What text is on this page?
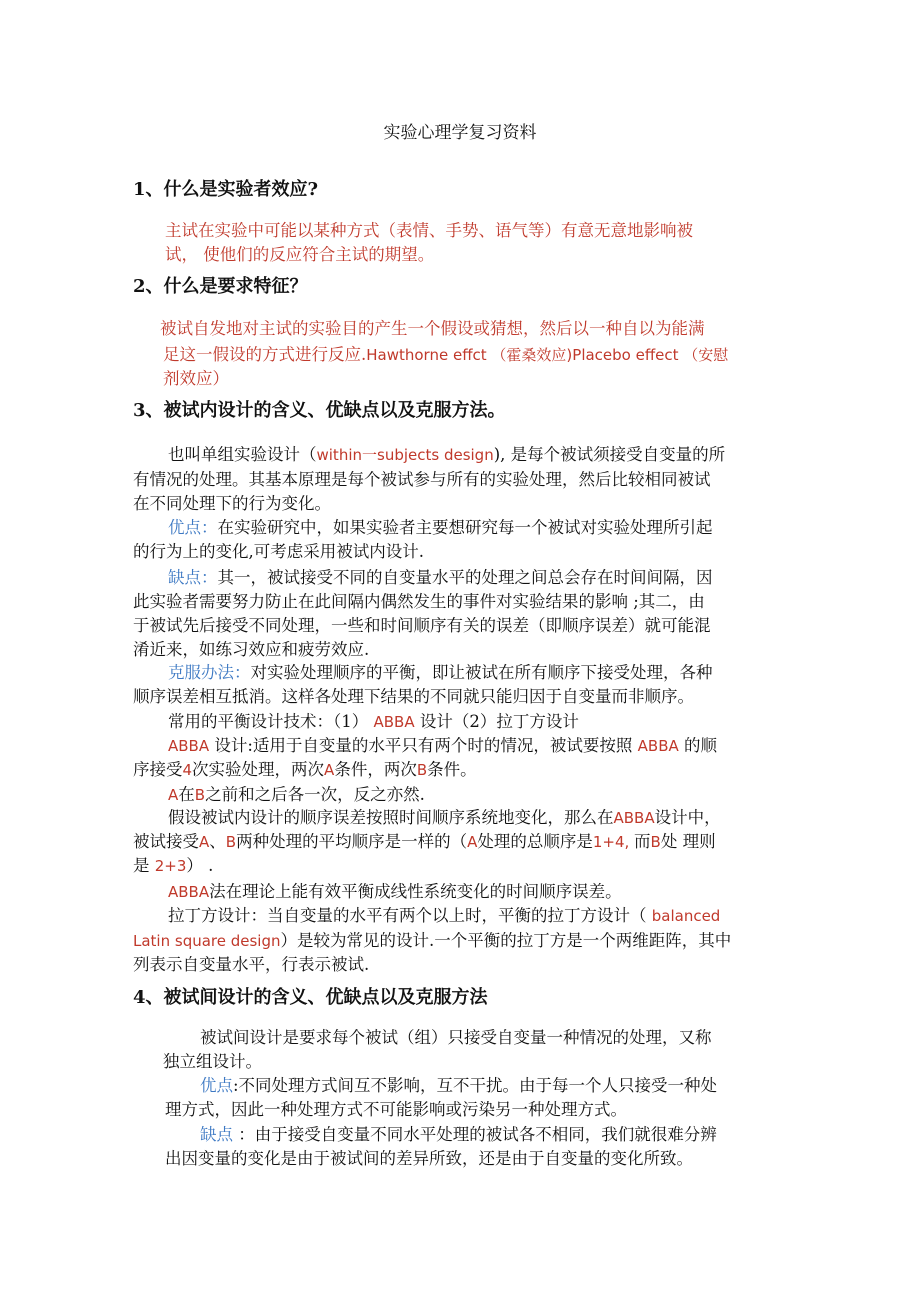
实验心理学复习资料
1、什么是实验者效应?
主试在实验中可能以某种方式（表情、手势、语气等）有意无意地影响被
试， 使他们的反应符合主试的期望。
2、什么是要求特征？
被试自发地对主试的实验目的产生一个假设或猜想，然后以一种自以为能满
足这一假设的方式进行反应.Hawthorne effct （霍桑效应)Placebo effect （安慰
剂效应）
3、被试内设计的含义、优缺点以及克服方法。
也叫单组实验设计（within一subjects design), 是每个被试须接受自变量的所
有情况的处理。其基本原理是每个被试参与所有的实验处理，然后比较相同被试
在不同处理下的行为变化。
优点：在实验研究中，如果实验者主要想研究每一个被试对实验处理所引起
的行为上的变化,可考虑采用被试内设计.
缺点：其一，被试接受不同的自变量水平的处理之间总会存在时间间隔，因
此实验者需要努力防止在此间隔内偶然发生的事件对实验结果的影响 ;其二，由
于被试先后接受不同处理，一些和时间顺序有关的误差（即顺序误差）就可能混
淆近来，如练习效应和疲劳效应.
克服办法：对实验处理顺序的平衡，即让被试在所有顺序下接受处理，各种
顺序误差相互抵消。这样各处理下结果的不同就只能归因于自变量而非顺序。
常用的平衡设计技术：（1） ABBA 设计（2）拉丁方设计
ABBA 设计:适用于自变量的水平只有两个时的情况，被试要按照 ABBA 的顺
序接受4次实验处理，两次A条件，两次B条件。
A在B之前和之后各一次，反之亦然.
假设被试内设计的顺序误差按照时间顺序系统地变化，那么在ABBA设计中，
被试接受A、B两种处理的平均顺序是一样的（A处理的总顺序是1+4, 而B处 理则
是 2+3） .
ABBA法在理论上能有效平衡成线性系统变化的时间顺序误差。
拉丁方设计：当自变量的水平有两个以上时，平衡的拉丁方设计（ balanced
Latin square design）是较为常见的设计.一个平衡的拉丁方是一个两维距阵，其中
列表示自变量水平，行表示被试.
4、被试间设计的含义、优缺点以及克服方法
被试间设计是要求每个被试（组）只接受自变量一种情况的处理，又称
独立组设计。
优点:不同处理方式间互不影响，互不干扰。由于每一个人只接受一种处
理方式，因此一种处理方式不可能影响或污染另一种处理方式。
缺点 ：由于接受自变量不同水平处理的被试各不相同，我们就很难分辨
出因变量的变化是由于被试间的差异所致，还是由于自变量的变化所致。
